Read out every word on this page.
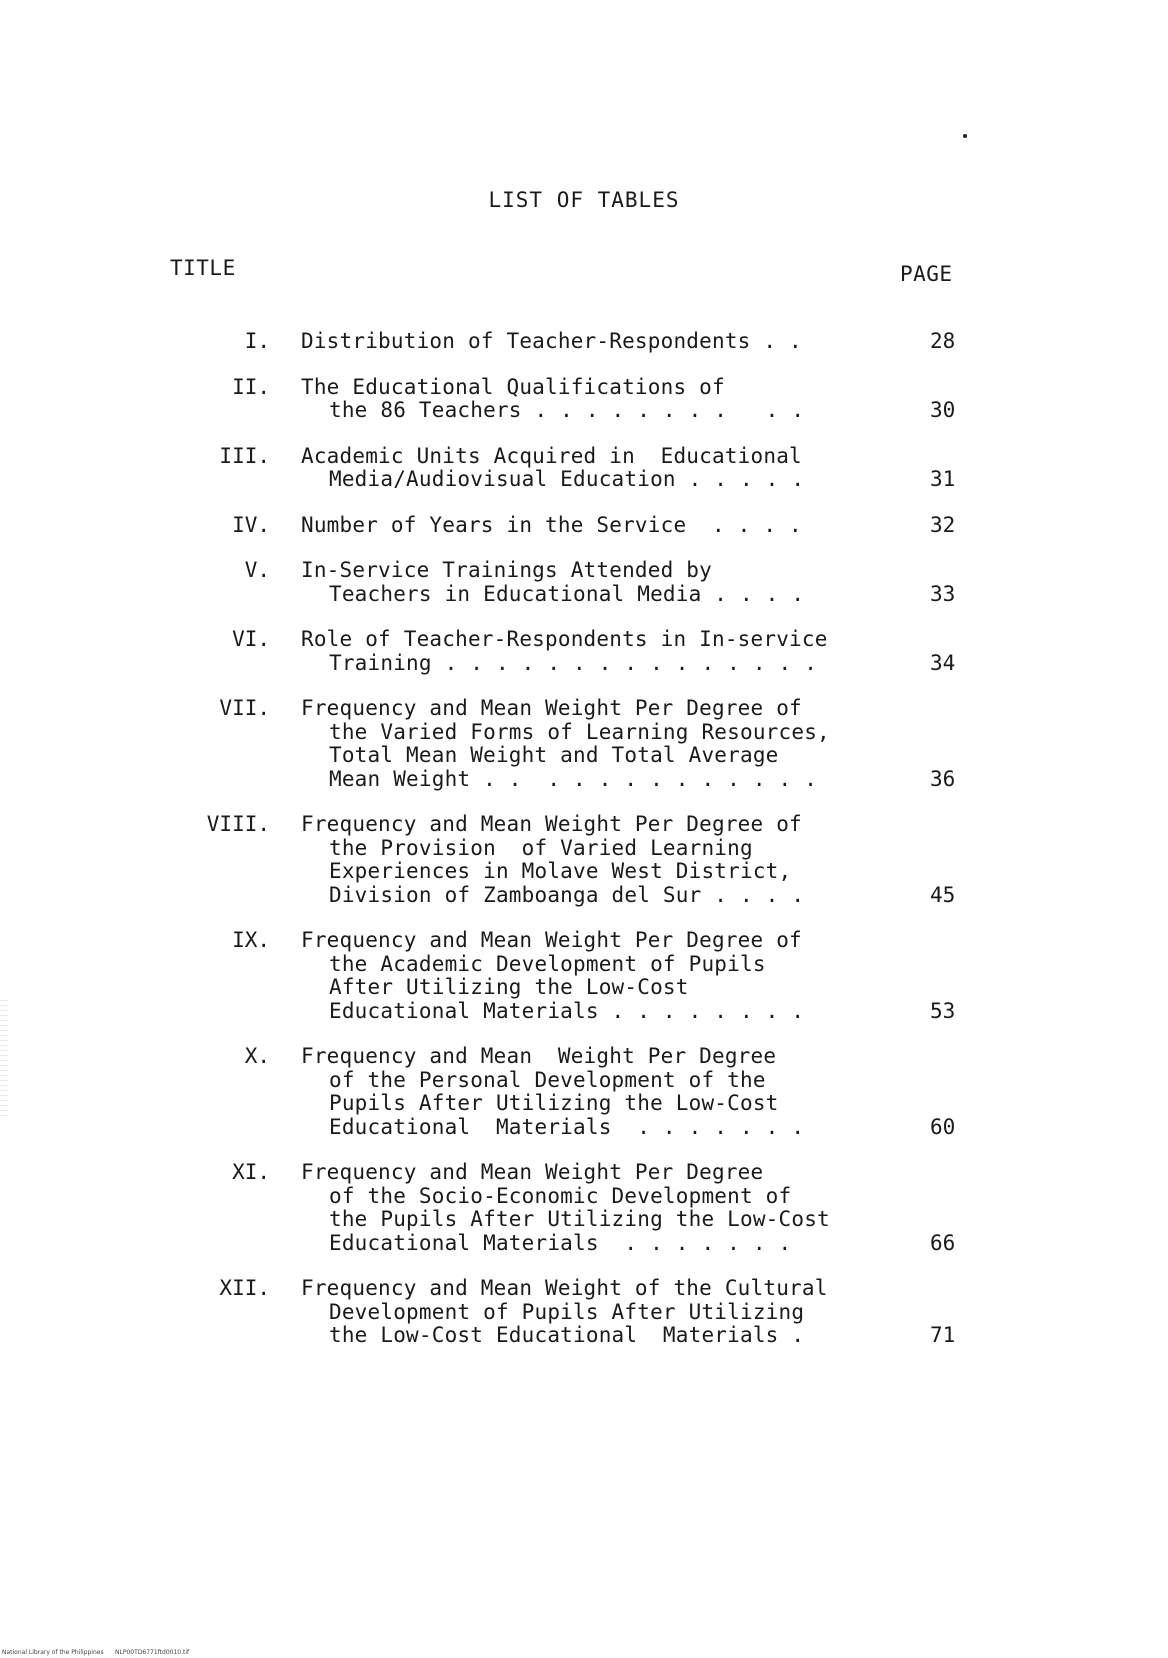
LIST OF TABLES
TITLE	PAGE
I. Distribution of Teacher-Respondents . .	28
II. The Educational Qualifications of
the 86 Teachers . . . . . . . .   . .	30
III. Academic Units Acquired in  Educational
Media/Audiovisual Education . . . . .	31
IV. Number of Years in the Service  . . . .	32
V. In-Service Trainings Attended by
Teachers in Educational Media . . . .	33
VI. Role of Teacher-Respondents in In-service
Training . . . . . . . . . . . . . . .	34
VII. Frequency and Mean Weight Per Degree of
the Varied Forms of Learning Resources,
Total Mean Weight and Total Average
Mean Weight . .  . . . . . . . . . . .	36
VIII. Frequency and Mean Weight Per Degree of
the Provision  of Varied Learning
Experiences in Molave West District,
Division of Zamboanga del Sur . . . .	45
IX. Frequency and Mean Weight Per Degree of
the Academic Development of Pupils
After Utilizing the Low-Cost
Educational Materials . . . . . . . .	53
X. Frequency and Mean  Weight Per Degree
of the Personal Development of the
Pupils After Utilizing the Low-Cost
Educational  Materials  . . . . . . .	60
XI. Frequency and Mean Weight Per Degree
of the Socio-Economic Development of
the Pupils After Utilizing the Low-Cost
Educational Materials  . . . . . . .	66
XII. Frequency and Mean Weight of the Cultural
Development of Pupils After Utilizing
the Low-Cost Educational  Materials .	71
National Library of the Philippines      NLP00TD6771ftd0010.tif
